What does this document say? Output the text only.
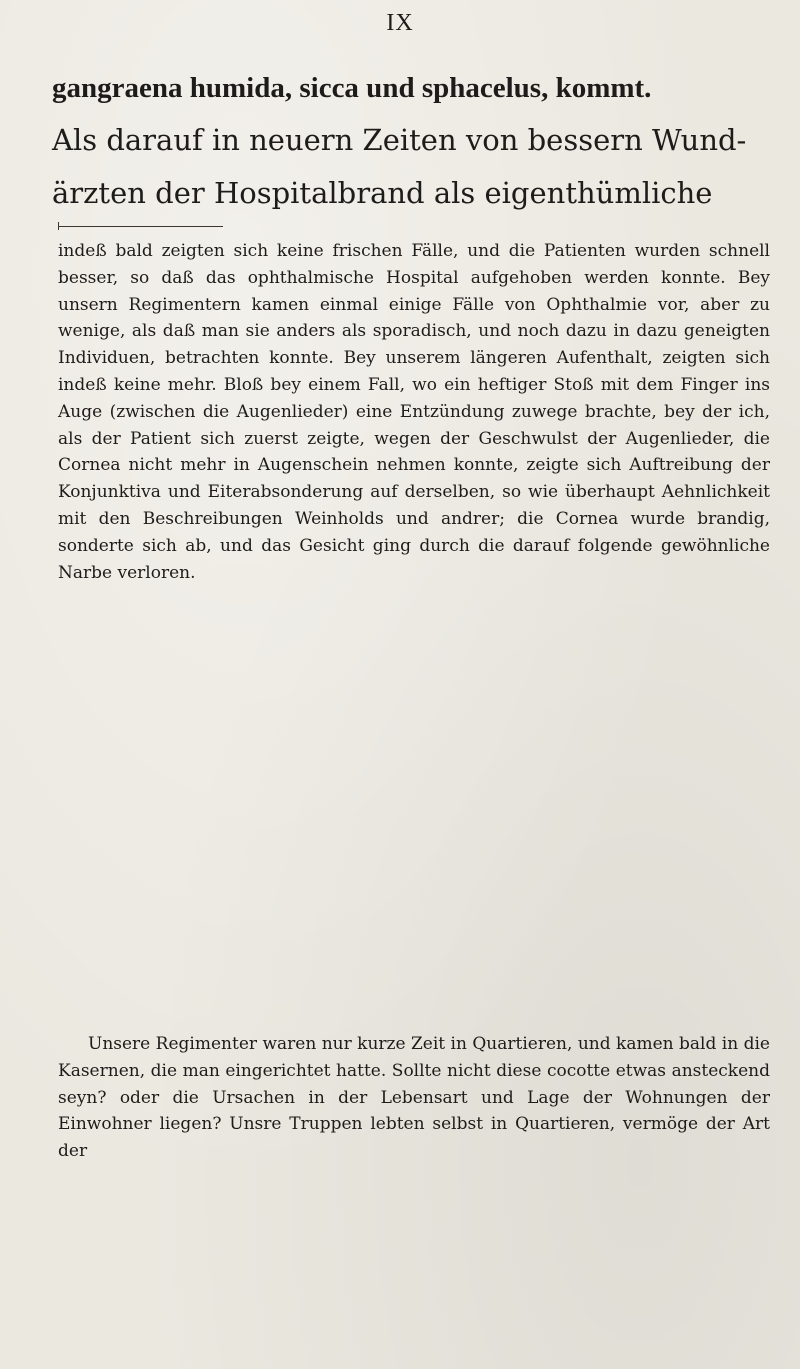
IX
gangraena humida, sicca und sphacelus, kommt.
Als darauf in neuern Zeiten von bessern Wund-
ärzten der Hospitalbrand als eigenthümliche
indeß bald zeigten sich keine frischen Fälle, und die Patienten wurden schnell besser, so daß das ophthalmische Hospital aufgehoben werden konnte. Bey unsern Regimentern kamen einmal einige Fälle von Ophthalmie vor, aber zu wenige, als daß man sie anders als sporadisch, und noch dazu in dazu geneigten Individuen, betrachten konnte. Bey unserem längeren Aufenthalt, zeigten sich indeß keine mehr. Bloß bey einem Fall, wo ein heftiger Stoß mit dem Finger ins Auge (zwischen die Augenlieder) eine Entzündung zuwege brachte, bey der ich, als der Patient sich zuerst zeigte, wegen der Geschwulst der Augenlieder, die Cornea nicht mehr in Augenschein nehmen konnte, zeigte sich Auftreibung der Konjunktiva und Eiterabsonderung auf derselben, so wie überhaupt Aehnlichkeit mit den Beschreibungen Weinholds und andrer; die Cornea wurde brandig, sonderte sich ab, und das Gesicht ging durch die darauf folgende gewöhnliche Narbe verloren.
Unsere Regimenter waren nur kurze Zeit in Quartieren, und kamen bald in die Kasernen, die man eingerichtet hatte. Sollte nicht diese cocotte etwas ansteckend seyn? oder die Ursachen in der Lebensart und Lage der Wohnungen der Einwohner liegen? Unsre Truppen lebten selbst in Quartieren, vermöge der Art der
